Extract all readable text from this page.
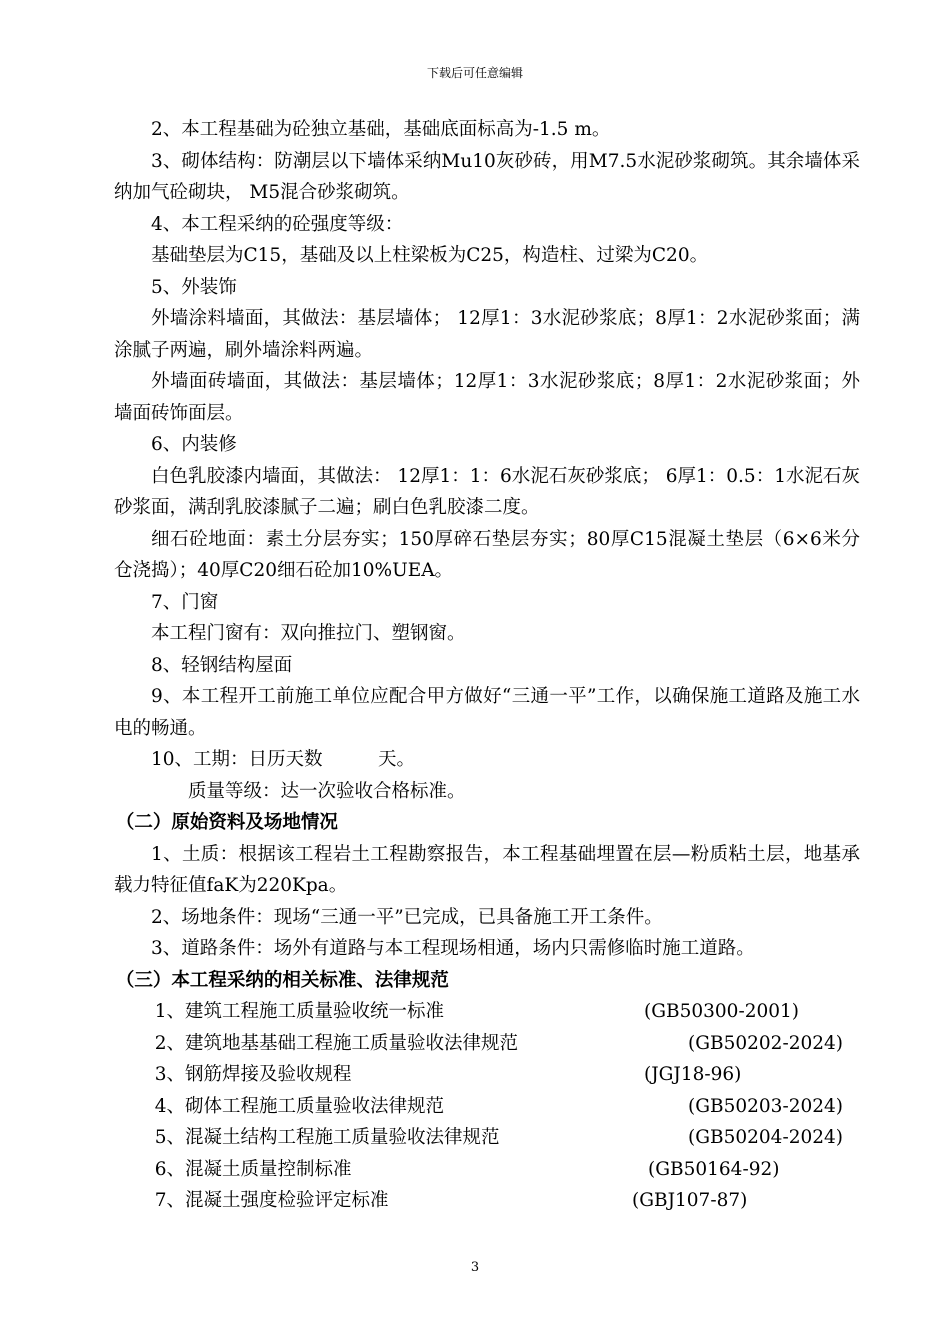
下载后可任意编辑

2、本工程基础为砼独立基础，基础底面标高为-1.5 m。

3、砌体结构：防潮层以下墙体采纳Mu10灰砂砖，用M7.5水泥砂浆砌筑。其余墙体采纳加气砼砌块， M5混合砂浆砌筑。

4、本工程采纳的砼强度等级：

基础垫层为C15，基础及以上柱梁板为C25，构造柱、过梁为C20。

5、外装饰

外墙涂料墙面，其做法：基层墙体； 12厚1：3水泥砂浆底；8厚1：2水泥砂浆面；满涂腻子两遍，刷外墙涂料两遍。

外墙面砖墙面，其做法：基层墙体；12厚1：3水泥砂浆底；8厚1：2水泥砂浆面；外墙面砖饰面层。

6、内装修

白色乳胶漆内墙面，其做法： 12厚1：1：6水泥石灰砂浆底； 6厚1：0.5：1水泥石灰砂浆面，满刮乳胶漆腻子二遍；刷白色乳胶漆二度。

细石砼地面：素土分层夯实；150厚碎石垫层夯实；80厚C15混凝土垫层（6×6米分仓浇捣）；40厚C20细石砼加10%UEA。

7、门窗

本工程门窗有：双向推拉门、塑钢窗。

8、轻钢结构屋面

9、本工程开工前施工单位应配合甲方做好“三通一平”工作，以确保施工道路及施工水电的畅通。

10、工期：日历天数　　　天。

质量等级：达一次验收合格标准。

（二）原始资料及场地情况

1、土质：根据该工程岩土工程勘察报告，本工程基础埋置在层—粉质粘土层，地基承载力特征值faK为220Kpa。

2、场地条件：现场“三通一平”已完成，已具备施工开工条件。

3、道路条件：场外有道路与本工程现场相通，场内只需修临时施工道路。

（三）本工程采纳的相关标准、法律规范

1、建筑工程施工质量验收统一标准	(GB50300-2001)
2、建筑地基基础工程施工质量验收法律规范	(GB50202-2024)
3、钢筋焊接及验收规程	(JGJ18-96)
4、砌体工程施工质量验收法律规范	(GB50203-2024)
5、混凝土结构工程施工质量验收法律规范	(GB50204-2024)
6、混凝土质量控制标准	(GB50164-92)
7、混凝土强度检验评定标准	(GBJ107-87)
3
